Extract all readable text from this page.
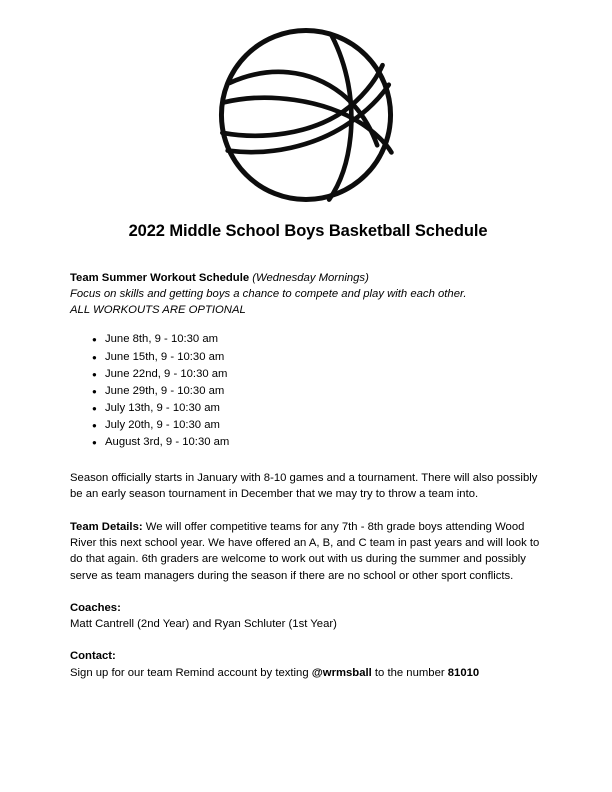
2022 Middle School Boys Basketball Schedule
Team Summer Workout Schedule (Wednesday Mornings)
Focus on skills and getting boys a chance to compete and play with each other.
ALL WORKOUTS ARE OPTIONAL
● June 8th, 9 - 10:30 am
● June 15th, 9 - 10:30 am
● June 22nd, 9 - 10:30 am
● June 29th, 9 - 10:30 am
● July 13th, 9 - 10:30 am
● July 20th, 9 - 10:30 am
● August 3rd, 9 - 10:30 am

Season officially starts in January with 8-10 games and a tournament. There will also possibly be an early season tournament in December that we may try to throw a team into.

Team Details: We will offer competitive teams for any 7th - 8th grade boys attending Wood River this next school year. We have offered an A, B, and C team in past years and will look to do that again. 6th graders are welcome to work out with us during the summer and possibly serve as team managers during the season if there are no school or other sport conflicts.

Coaches:
Matt Cantrell (2nd Year) and Ryan Schluter (1st Year)
Contact:
Sign up for our team Remind account by texting @wrmsball to the number 81010
